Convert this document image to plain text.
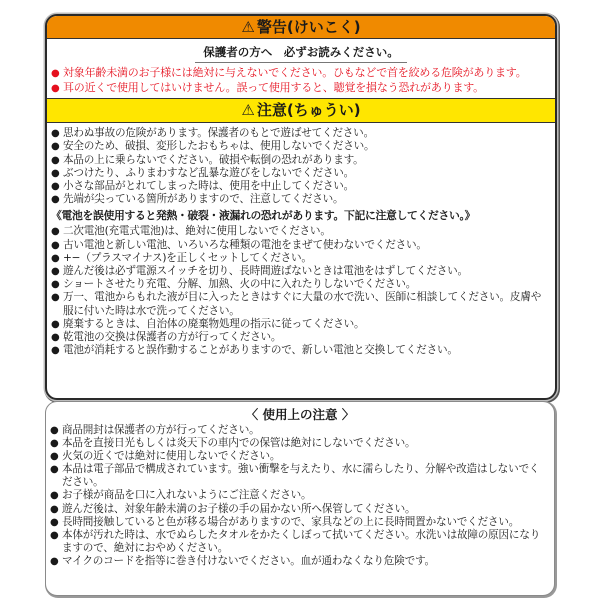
⚠ 警告(けいこく)
保護者の方へ　必ずお読みください。
● 対象年齢未満のお子様には絶対に与えないでください。ひもなどで首を絞める危険があります。
● 耳の近くで使用してはいけません。誤って使用すると、聴覚を損なう恐れがあります。
⚠ 注意(ちゅうい)
● 思わぬ事故の危険があります。保護者のもとで遊ばせてください。
● 安全のため、破損、変形したおもちゃは、使用しないでください。
● 本品の上に乗らないでください。破損や転倒の恐れがあります。
● ぶつけたり、ふりまわすなど乱暴な遊びをしないでください。
● 小さな部品がとれてしまった時は、使用を中止してください。
● 先端が尖っている箇所がありますので、注意してください。
《電池を誤使用すると発熱・破裂・液漏れの恐れがあります。下記に注意してください。》
● 二次電池(充電式電池)は、絶対に使用しないでください。
● 古い電池と新しい電池、いろいろな種類の電池をまぜて使わないでください。
● +−（プラスマイナス)を正しくセットしてください。
● 遊んだ後は必ず電源スイッチを切り、長時間遊ばないときは電池をはずしてください。
● ショートさせたり充電、分解、加熱、火の中に入れたりしないでください。
● 万一、電池からもれた液が目に入ったときはすぐに大量の水で洗い、医師に相談してください。皮膚や服に付いた時は水で洗ってください。
● 廃棄するときは、自治体の廃棄物処理の指示に従ってください。
● 乾電池の交換は保護者の方が行ってください。
● 電池が消耗すると誤作動することがありますので、新しい電池と交換してください。
〈 使用上の注意 〉
● 商品開封は保護者の方が行ってください。
● 本品を直接日光もしくは炎天下の車内での保管は絶対にしないでください。
● 火気の近くでは絶対に使用しないでください。
● 本品は電子部品で構成されています。強い衝撃を与えたり、水に濡らしたり、分解や改造はしないでください。
● お子様が商品を口に入れないようにご注意ください。
● 遊んだ後は、対象年齢未満のお子様の手の届かない所へ保管してください。
● 長時間接触していると色が移る場合がありますので、家具などの上に長時間置かないでください。
● 本体が汚れた時は、水でぬらしたタオルをかたくしぼって拭いてください。水洗いは故障の原因になりますので、絶対におやめください。
● マイクのコードを指等に巻き付けないでください。血が通わなくなり危険です。
